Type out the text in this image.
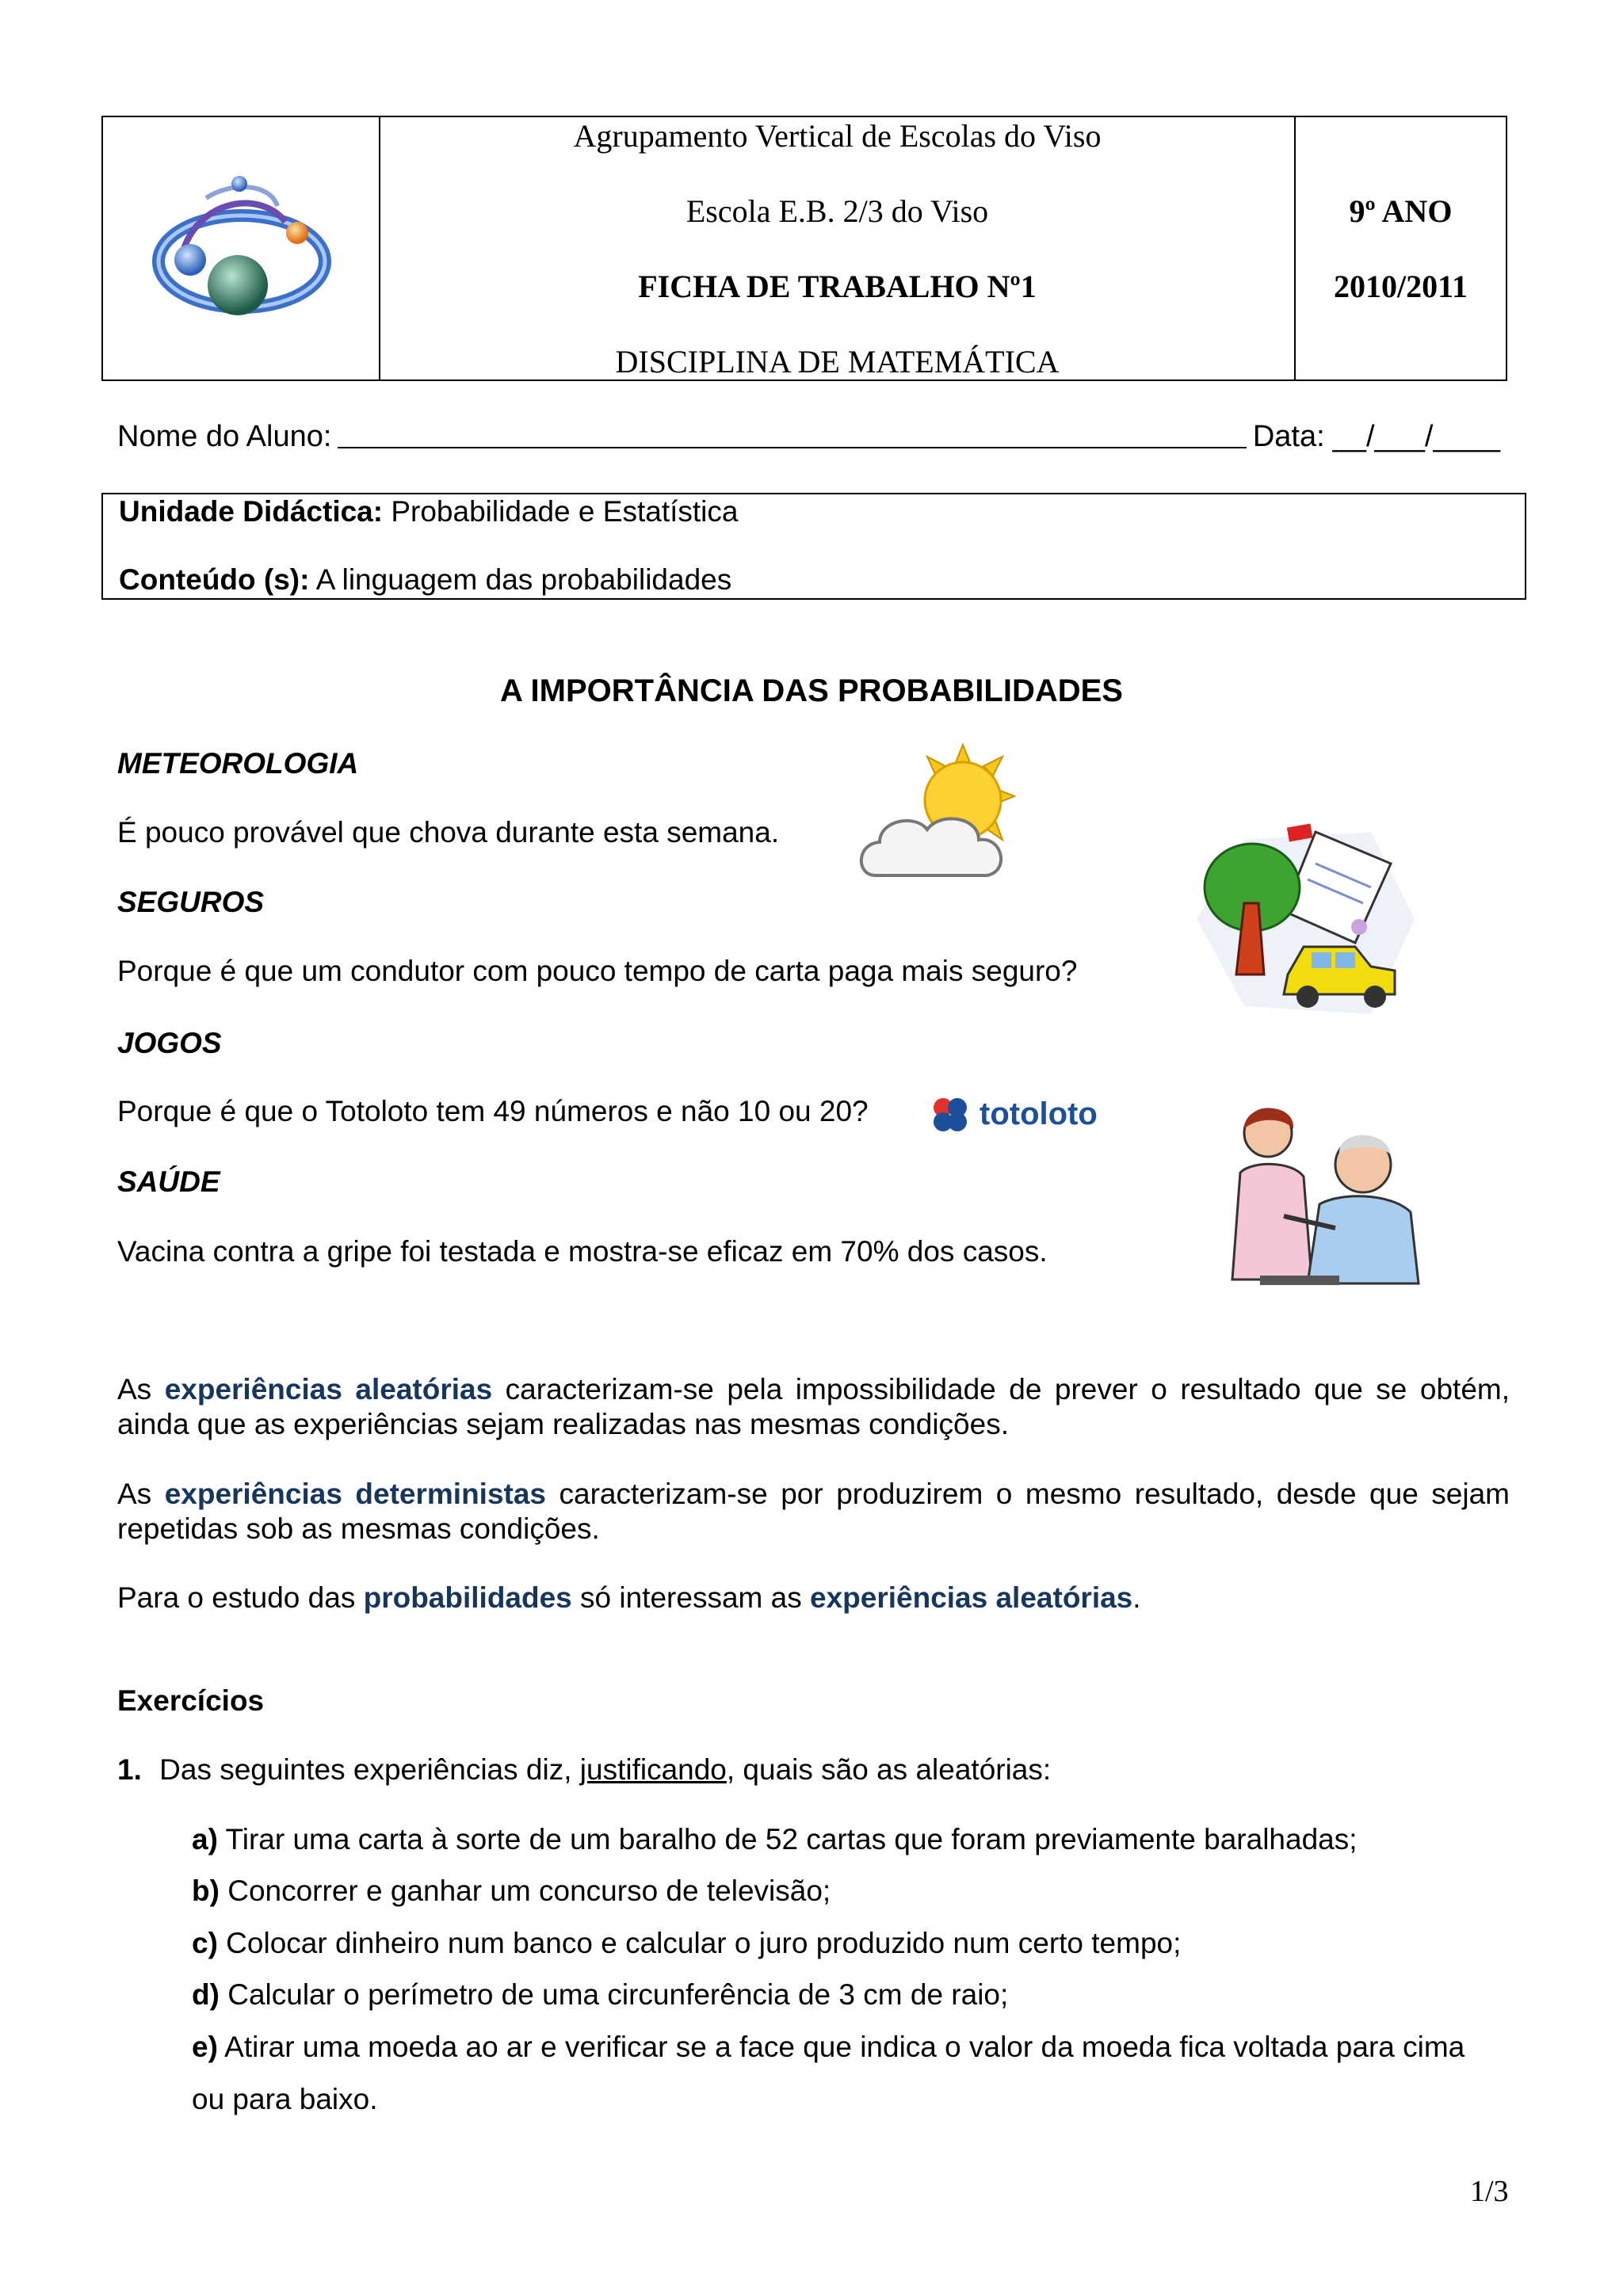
Agrupamento Vertical de Escolas do Viso
Escola E.B. 2/3 do Viso
FICHA DE TRABALHO Nº1
DISCIPLINA DE MATEMÁTICA
9º ANO
2010/2011
Nome do Aluno:	Data: __/___/____
Unidade Didáctica: Probabilidade e Estatística
Conteúdo (s): A linguagem das probabilidades
A IMPORTÂNCIA DAS PROBABILIDADES
METEOROLOGIA
É pouco provável que chova durante esta semana.
SEGUROS
Porque é que um condutor com pouco tempo de carta paga mais seguro?
JOGOS
Porque é que o Totoloto tem 49 números e não 10 ou 20?
SAÚDE
Vacina contra a gripe foi testada e mostra-se eficaz em 70% dos casos.
totoloto
As experiências aleatórias caracterizam-se pela impossibilidade de prever o resultado que se obtém, ainda que as experiências sejam realizadas nas mesmas condições.
As experiências deterministas caracterizam-se por produzirem o mesmo resultado, desde que sejam repetidas sob as mesmas condições.
Para o estudo das probabilidades só interessam as experiências aleatórias.
Exercícios
1. Das seguintes experiências diz, justificando, quais são as aleatórias:
a) Tirar uma carta à sorte de um baralho de 52 cartas que foram previamente baralhadas;
b) Concorrer e ganhar um concurso de televisão;
c) Colocar dinheiro num banco e calcular o juro produzido num certo tempo;
d) Calcular o perímetro de uma circunferência de 3 cm de raio;
e) Atirar uma moeda ao ar e verificar se a face que indica o valor da moeda fica voltada para cima
ou para baixo.
1/3
